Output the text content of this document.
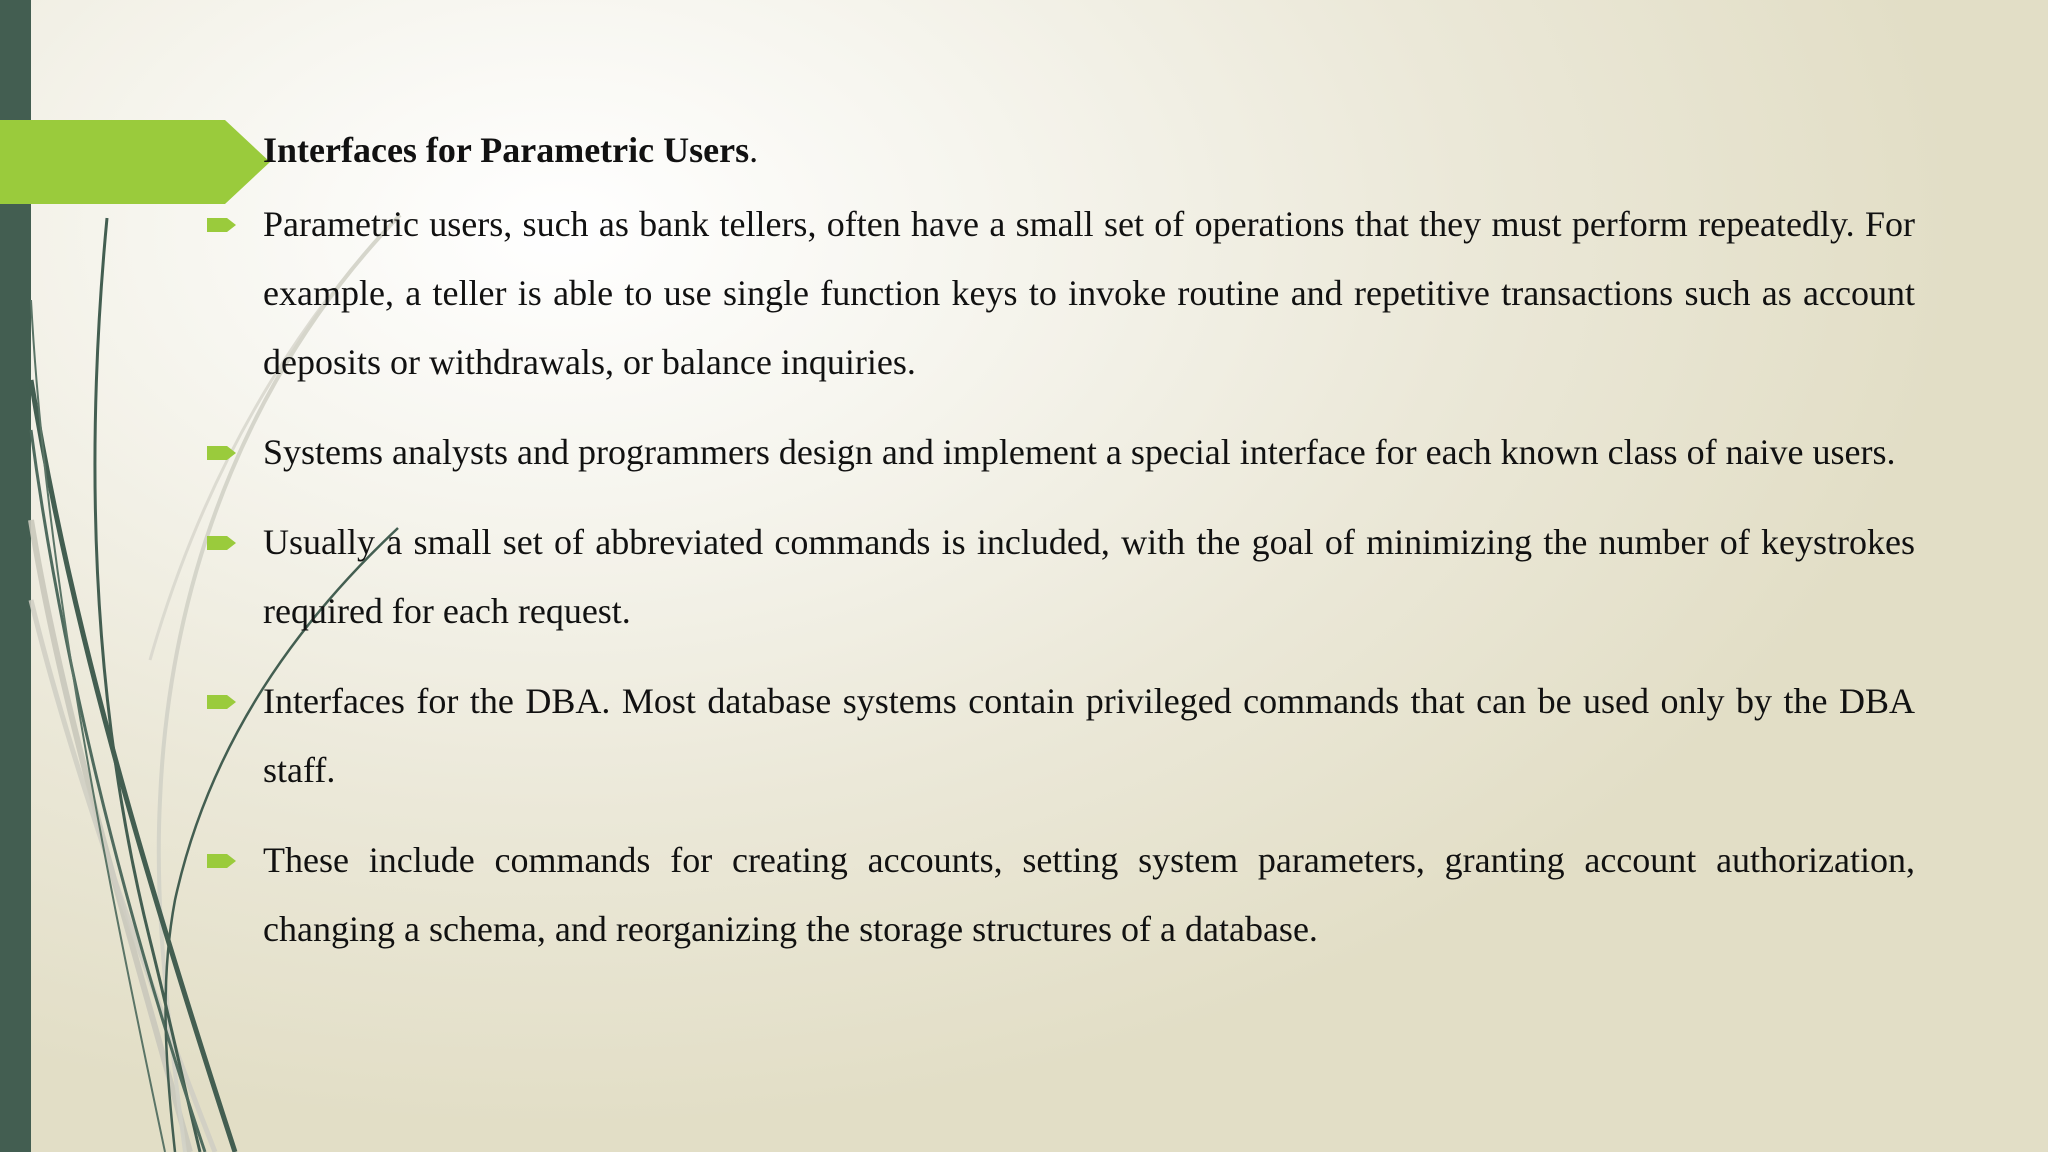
Interfaces for Parametric Users.
Parametric users, such as bank tellers, often have a small set of operations that they must perform repeatedly. For example, a teller is able to use single function keys to invoke routine and repetitive transactions such as account deposits or withdrawals, or balance inquiries.
Systems analysts and programmers design and implement a special interface for each known class of naive users.
Usually a small set of abbreviated commands is included, with the goal of minimizing the number of keystrokes required for each request.
Interfaces for the DBA. Most database systems contain privileged commands that can be used only by the DBA staff.
These include commands for creating accounts, setting system parameters, granting account authorization, changing a schema, and reorganizing the storage structures of a database.
